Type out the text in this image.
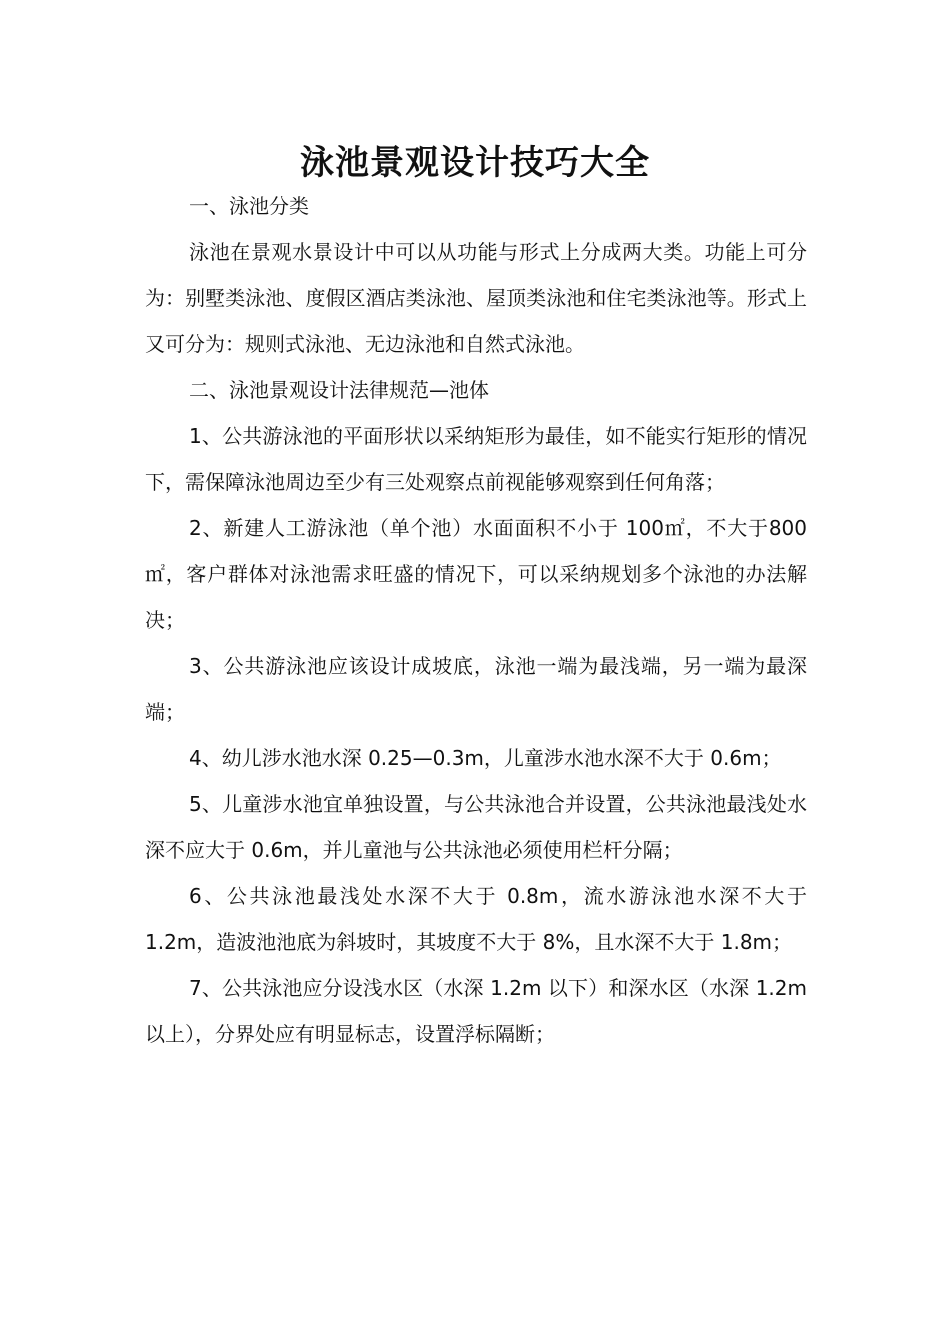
泳池景观设计技巧大全

一、泳池分类

泳池在景观水景设计中可以从功能与形式上分成两大类。功能上可分为：别墅类泳池、度假区酒店类泳池、屋顶类泳池和住宅类泳池等。形式上又可分为：规则式泳池、无边泳池和自然式泳池。

二、泳池景观设计法律规范—池体

1、公共游泳池的平面形状以采纳矩形为最佳，如不能实行矩形的情况下，需保障泳池周边至少有三处观察点前视能够观察到任何角落；

2、新建人工游泳池（单个池）水面面积不小于 100㎡，不大于800㎡，客户群体对泳池需求旺盛的情况下，可以采纳规划多个泳池的办法解决；

3、公共游泳池应该设计成坡底，泳池一端为最浅端，另一端为最深端；

4、幼儿涉水池水深 0.25—0.3m，儿童涉水池水深不大于 0.6m；

5、儿童涉水池宜单独设置，与公共泳池合并设置，公共泳池最浅处水深不应大于 0.6m，并儿童池与公共泳池必须使用栏杆分隔；

6、公共泳池最浅处水深不大于 0.8m，流水游泳池水深不大于 1.2m，造波池池底为斜坡时，其坡度不大于 8%，且水深不大于 1.8m；

7、公共泳池应分设浅水区（水深 1.2m 以下）和深水区（水深 1.2m 以上），分界处应有明显标志，设置浮标隔断；
